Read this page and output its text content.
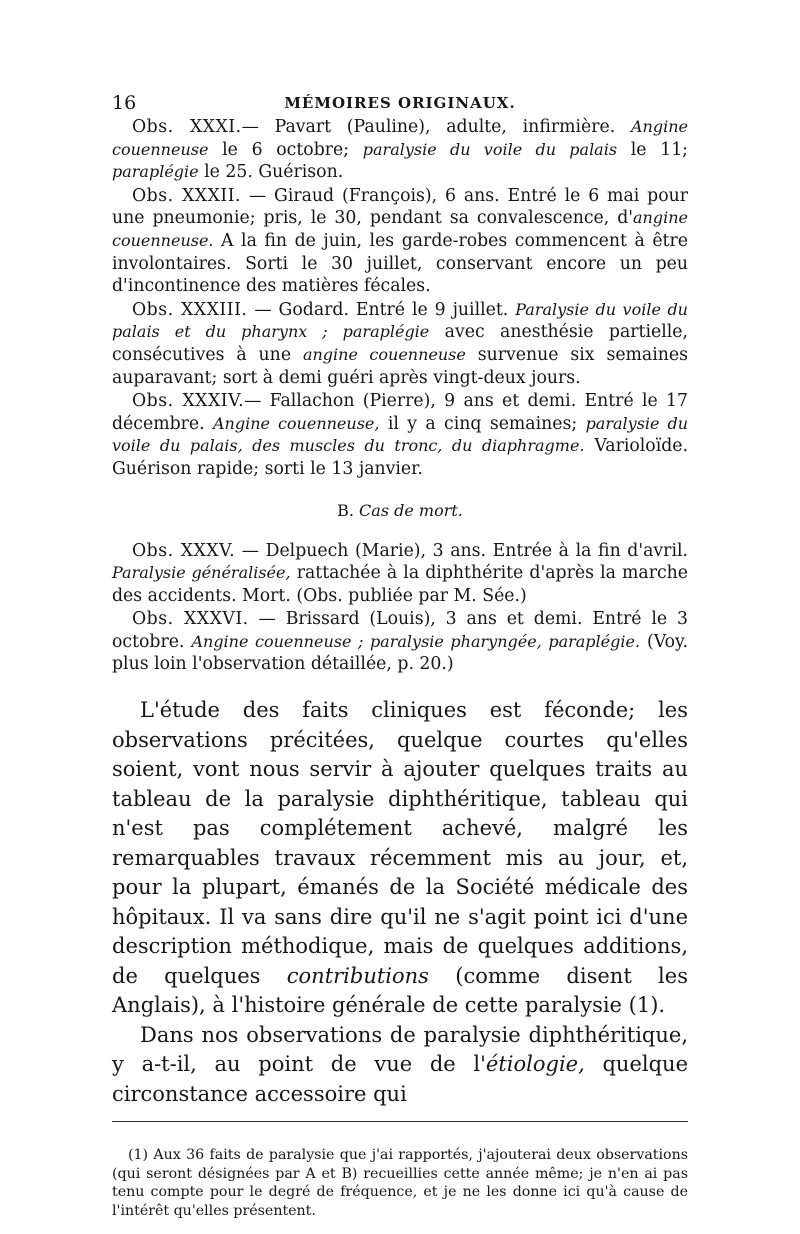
16	MÉMOIRES ORIGINAUX.

Obs. XXXI.— Pavart (Pauline), adulte, infirmière. Angine couenneuse le 6 octobre; paralysie du voile du palais le 11; paraplégie le 25. Guérison.

Obs. XXXII. — Giraud (François), 6 ans. Entré le 6 mai pour une pneumonie; pris, le 30, pendant sa convalescence, d'angine couenneuse. A la fin de juin, les garde-robes commencent à être involontaires. Sorti le 30 juillet, conservant encore un peu d'incontinence des matières fécales.

Obs. XXXIII. — Godard. Entré le 9 juillet. Paralysie du voile du palais et du pharynx ; paraplégie avec anesthésie partielle, consécutives à une angine couenneuse survenue six semaines auparavant; sort à demi guéri après vingt-deux jours.

Obs. XXXIV.— Fallachon (Pierre), 9 ans et demi. Entré le 17 décembre. Angine couenneuse, il y a cinq semaines; paralysie du voile du palais, des muscles du tronc, du diaphragme. Varioloïde. Guérison rapide; sorti le 13 janvier.

B. Cas de mort.

Obs. XXXV. — Delpuech (Marie), 3 ans. Entrée à la fin d'avril. Paralysie généralisée, rattachée à la diphthérite d'après la marche des accidents. Mort. (Obs. publiée par M. Sée.)

Obs. XXXVI. — Brissard (Louis), 3 ans et demi. Entré le 3 octobre. Angine couenneuse ; paralysie pharyngée, paraplégie. (Voy. plus loin l'observation détaillée, p. 20.)

L'étude des faits cliniques est féconde; les observations précitées, quelque courtes qu'elles soient, vont nous servir à ajouter quelques traits au tableau de la paralysie diphthéritique, tableau qui n'est pas complétement achevé, malgré les remarquables travaux récemment mis au jour, et, pour la plupart, émanés de la Société médicale des hôpitaux. Il va sans dire qu'il ne s'agit point ici d'une description méthodique, mais de quelques additions, de quelques contributions (comme disent les Anglais), à l'histoire générale de cette paralysie (1).

Dans nos observations de paralysie diphthéritique, y a-t-il, au point de vue de l'étiologie, quelque circonstance accessoire qui

(1) Aux 36 faits de paralysie que j'ai rapportés, j'ajouterai deux observations (qui seront désignées par A et B) recueillies cette année même; je n'en ai pas tenu compte pour le degré de fréquence, et je ne les donne ici qu'à cause de l'intérêt qu'elles présentent.
